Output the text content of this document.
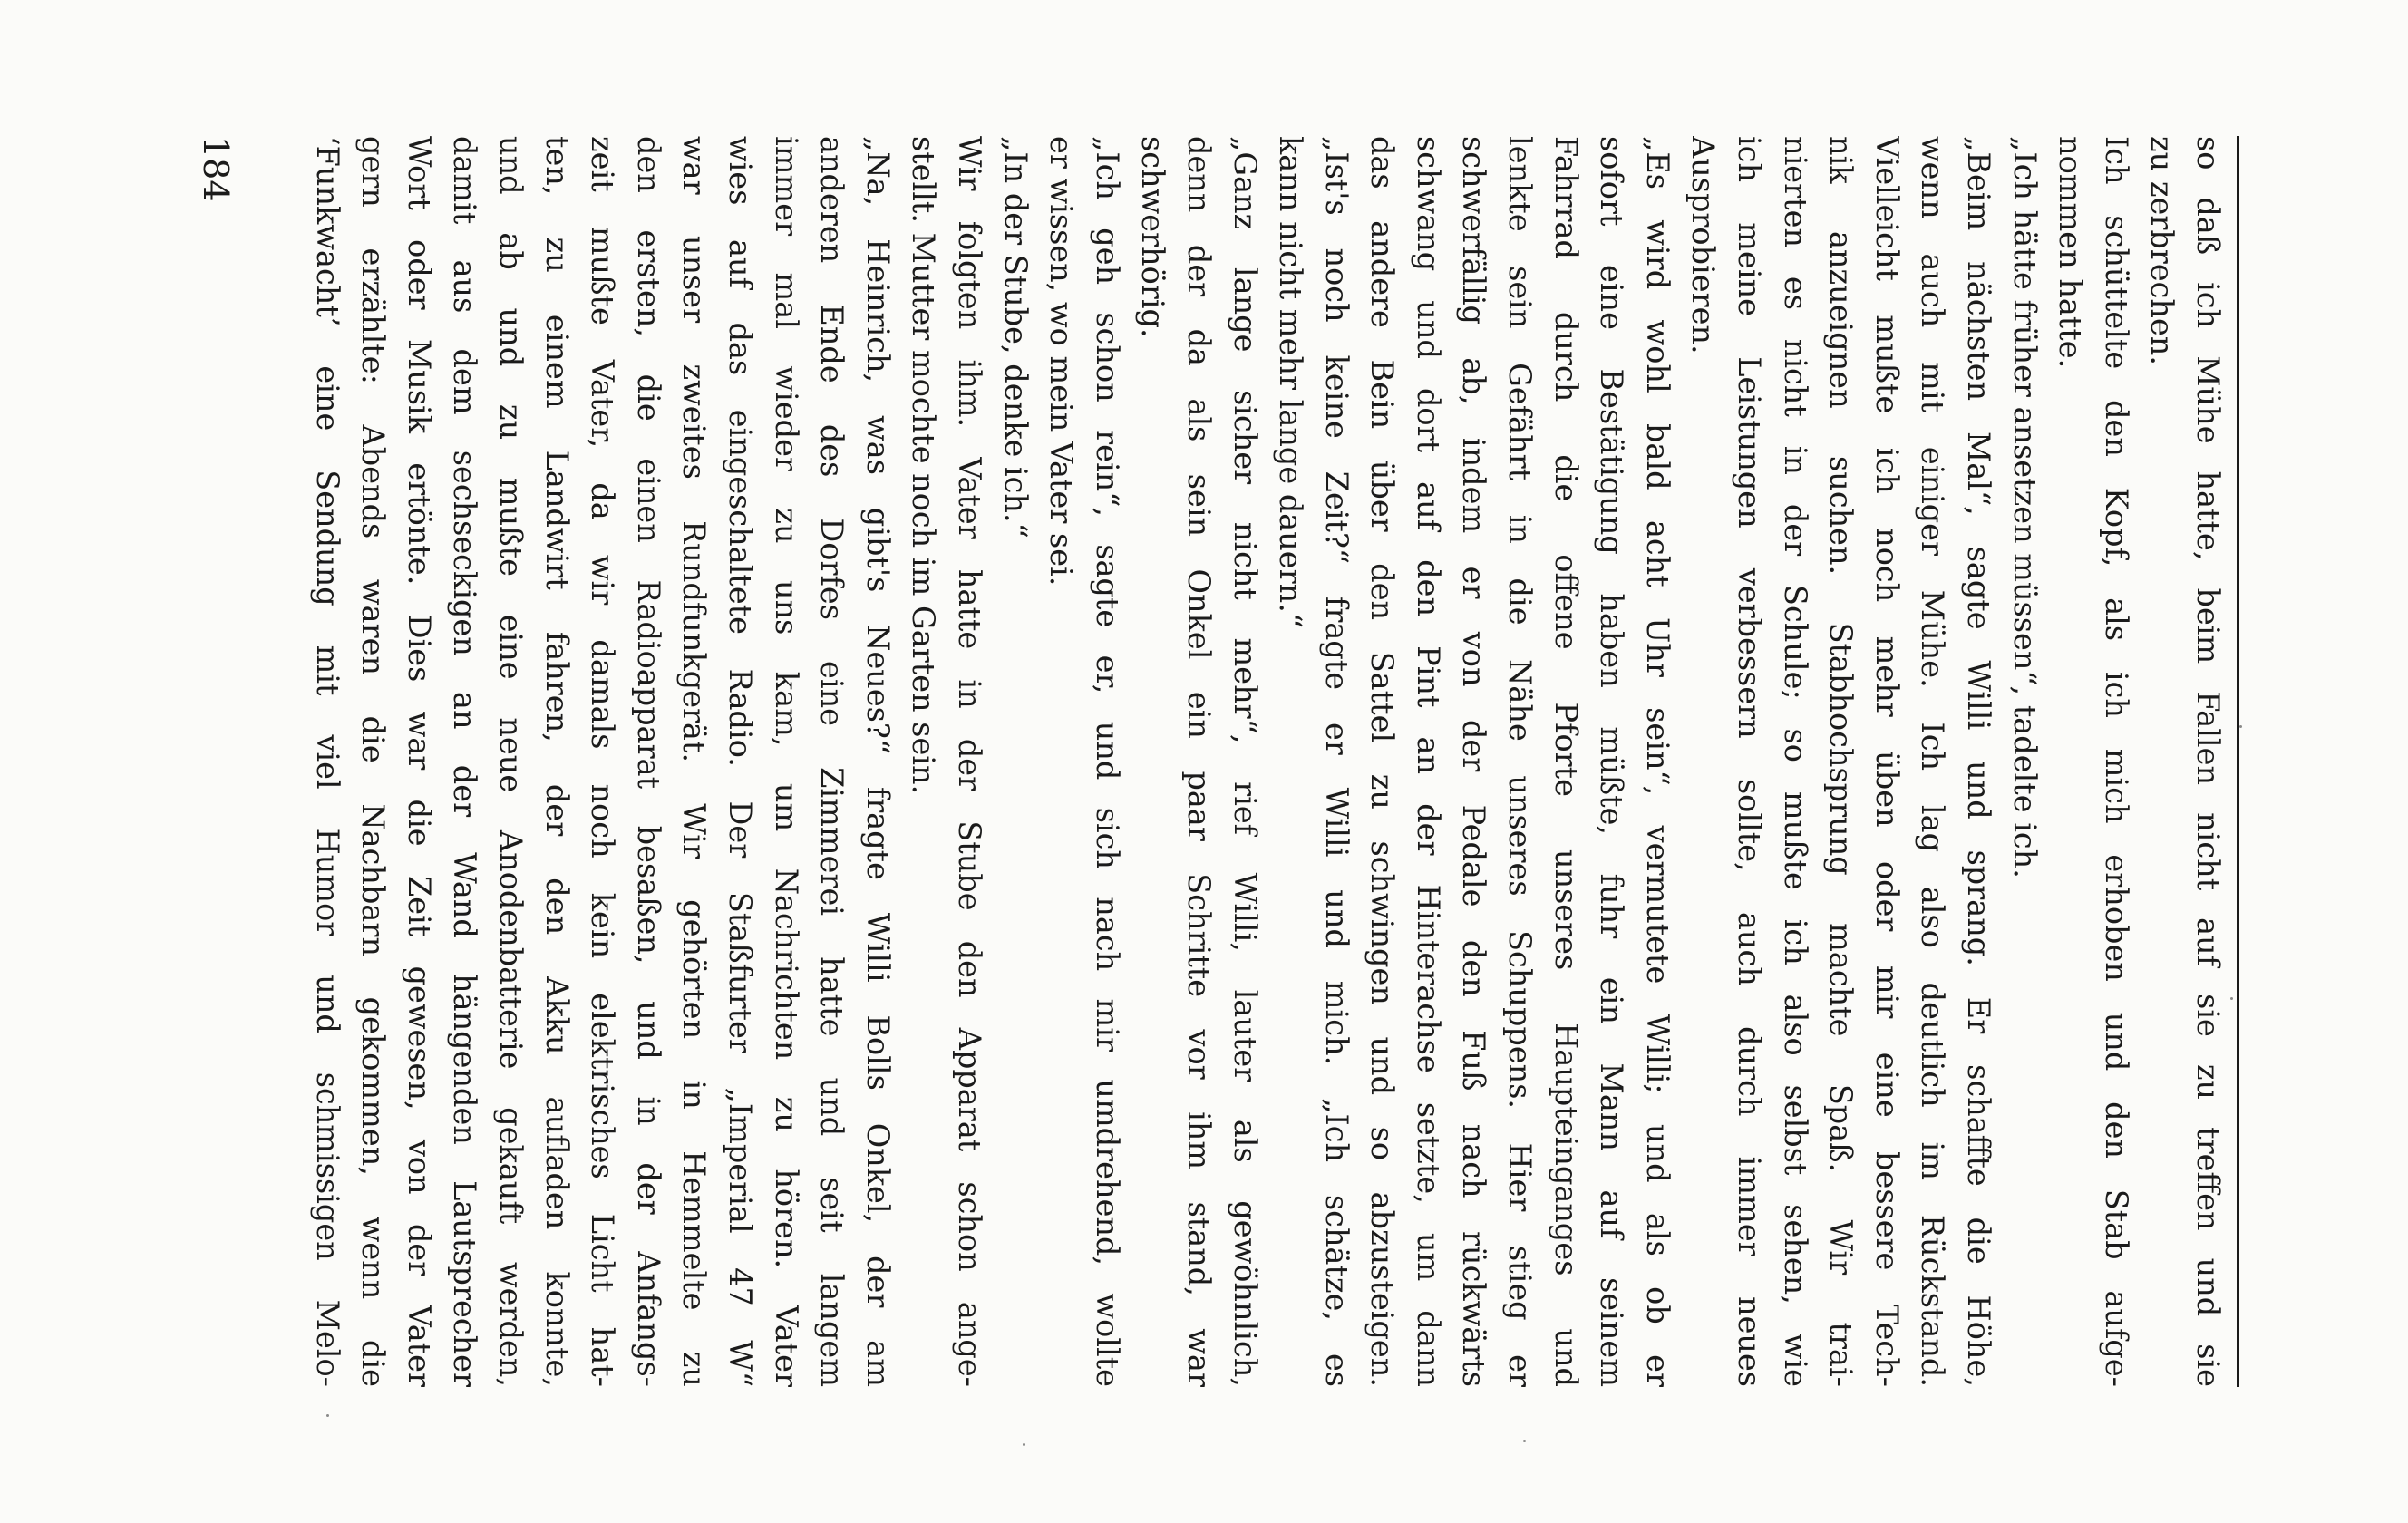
so daß ich Mühe hatte, beim Fallen nicht auf sie zu treffen und sie
zu zerbrechen.
Ich schüttelte den Kopf, als ich mich erhoben und den Stab aufge-
nommen hatte.
„Ich hätte früher ansetzen müssen“, tadelte ich.
„Beim nächsten Mal“, sagte Willi und sprang. Er schaffte die Höhe,
wenn auch mit einiger Mühe. Ich lag also deutlich im Rückstand.
Vielleicht mußte ich noch mehr üben oder mir eine bessere Tech-
nik anzueignen suchen. Stabhochsprung machte Spaß. Wir trai-
nierten es nicht in der Schule; so mußte ich also selbst sehen, wie
ich meine Leistungen verbessern sollte, auch durch immer neues
Ausprobieren.
„Es wird wohl bald acht Uhr sein“, vermutete Willi; und als ob er
sofort eine Bestätigung haben müßte, fuhr ein Mann auf seinem
Fahrrad durch die offene Pforte unseres Haupteinganges und
lenkte sein Gefährt in die Nähe unseres Schuppens. Hier stieg er
schwerfällig ab, indem er von der Pedale den Fuß nach rückwärts
schwang und dort auf den Pint an der Hinterachse setzte, um dann
das andere Bein über den Sattel zu schwingen und so abzusteigen.
„Ist's noch keine Zeit?“ fragte er Willi und mich. „Ich schätze, es
kann nicht mehr lange dauern.“
„Ganz lange sicher nicht mehr“, rief Willi, lauter als gewöhnlich,
denn der da als sein Onkel ein paar Schritte vor ihm stand, war
schwerhörig.
„Ich geh schon rein“, sagte er, und sich nach mir umdrehend, wollte
er wissen, wo mein Vater sei.
„In der Stube, denke ich.“
Wir folgten ihm. Vater hatte in der Stube den Apparat schon ange-
stellt. Mutter mochte noch im Garten sein.
„Na, Heinrich, was gibt's Neues?“ fragte Willi Bolls Onkel, der am
anderen Ende des Dorfes eine Zimmerei hatte und seit langem
immer mal wieder zu uns kam, um Nachrichten zu hören. Vater
wies auf das eingeschaltete Radio. Der Staßfurter „Imperial 47 W“
war unser zweites Rundfunkgerät. Wir gehörten in Hemmelte zu
den ersten, die einen Radioapparat besaßen, und in der Anfangs-
zeit mußte Vater, da wir damals noch kein elektrisches Licht hat-
ten, zu einem Landwirt fahren, der den Akku aufladen konnte,
und ab und zu mußte eine neue Anodenbatterie gekauft werden,
damit aus dem sechseckigen an der Wand hängenden Lautsprecher
Wort oder Musik ertönte. Dies war die Zeit gewesen, von der Vater
gern erzählte: Abends waren die Nachbarn gekommen, wenn die
‘Funkwacht’ eine Sendung mit viel Humor und schmissigen Melo-
184
